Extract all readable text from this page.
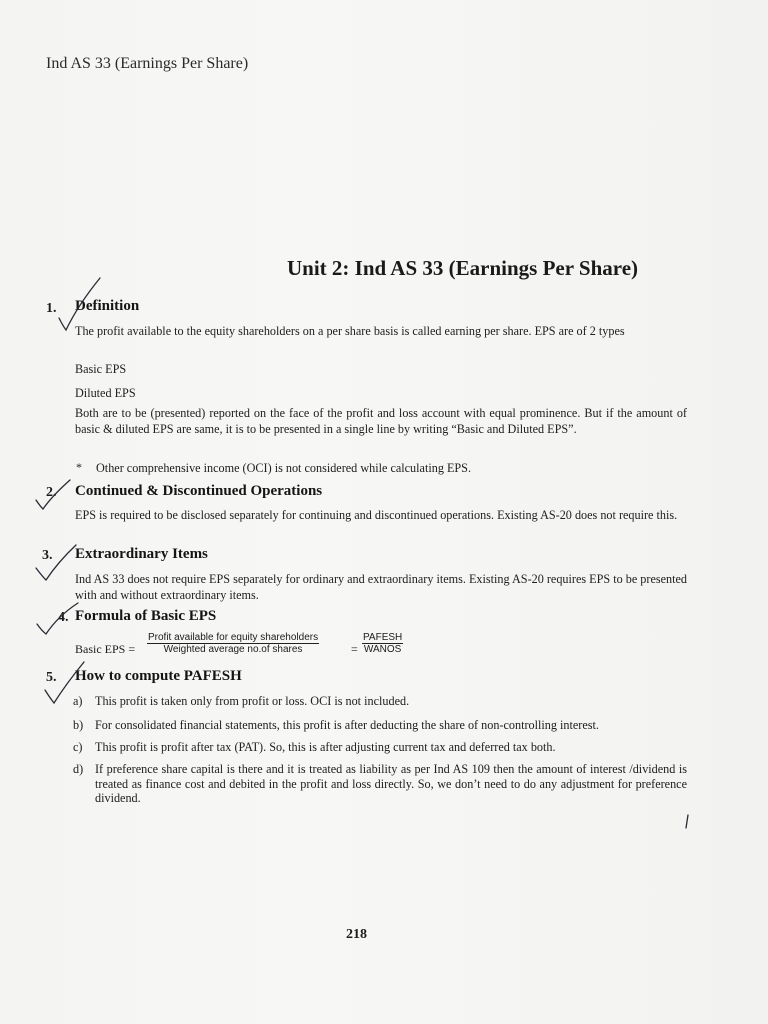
Ind AS 33 (Earnings Per Share)
Unit 2: Ind AS 33 (Earnings Per Share)
1. Definition
The profit available to the equity shareholders on a per share basis is called earning per share. EPS are of 2 types
Basic EPS
Diluted EPS
Both are to be (presented) reported on the face of the profit and loss account with equal prominence. But if the amount of basic & diluted EPS are same, it is to be presented in a single line by writing “Basic and Diluted EPS”.
* Other comprehensive income (OCI) is not considered while calculating EPS.
2. Continued & Discontinued Operations
EPS is required to be disclosed separately for continuing and discontinued operations. Existing AS-20 does not require this.
3. Extraordinary Items
Ind AS 33 does not require EPS separately for ordinary and extraordinary items. Existing AS-20 requires EPS to be presented with and without extraordinary items.
4. Formula of Basic EPS
Basic EPS =
Profit available for equity shareholders
Weighted average no.of shares	=
PAFESH
WANOS
5. How to compute PAFESH
a) This profit is taken only from profit or loss. OCI is not included.
b) For consolidated financial statements, this profit is after deducting the share of non-controlling interest.
c) This profit is profit after tax (PAT). So, this is after adjusting current tax and deferred tax both.
d) If preference share capital is there and it is treated as liability as per Ind AS 109 then the amount of interest /dividend is treated as finance cost and debited in the profit and loss directly. So, we don’t need to do any adjustment for preference dividend.
218
